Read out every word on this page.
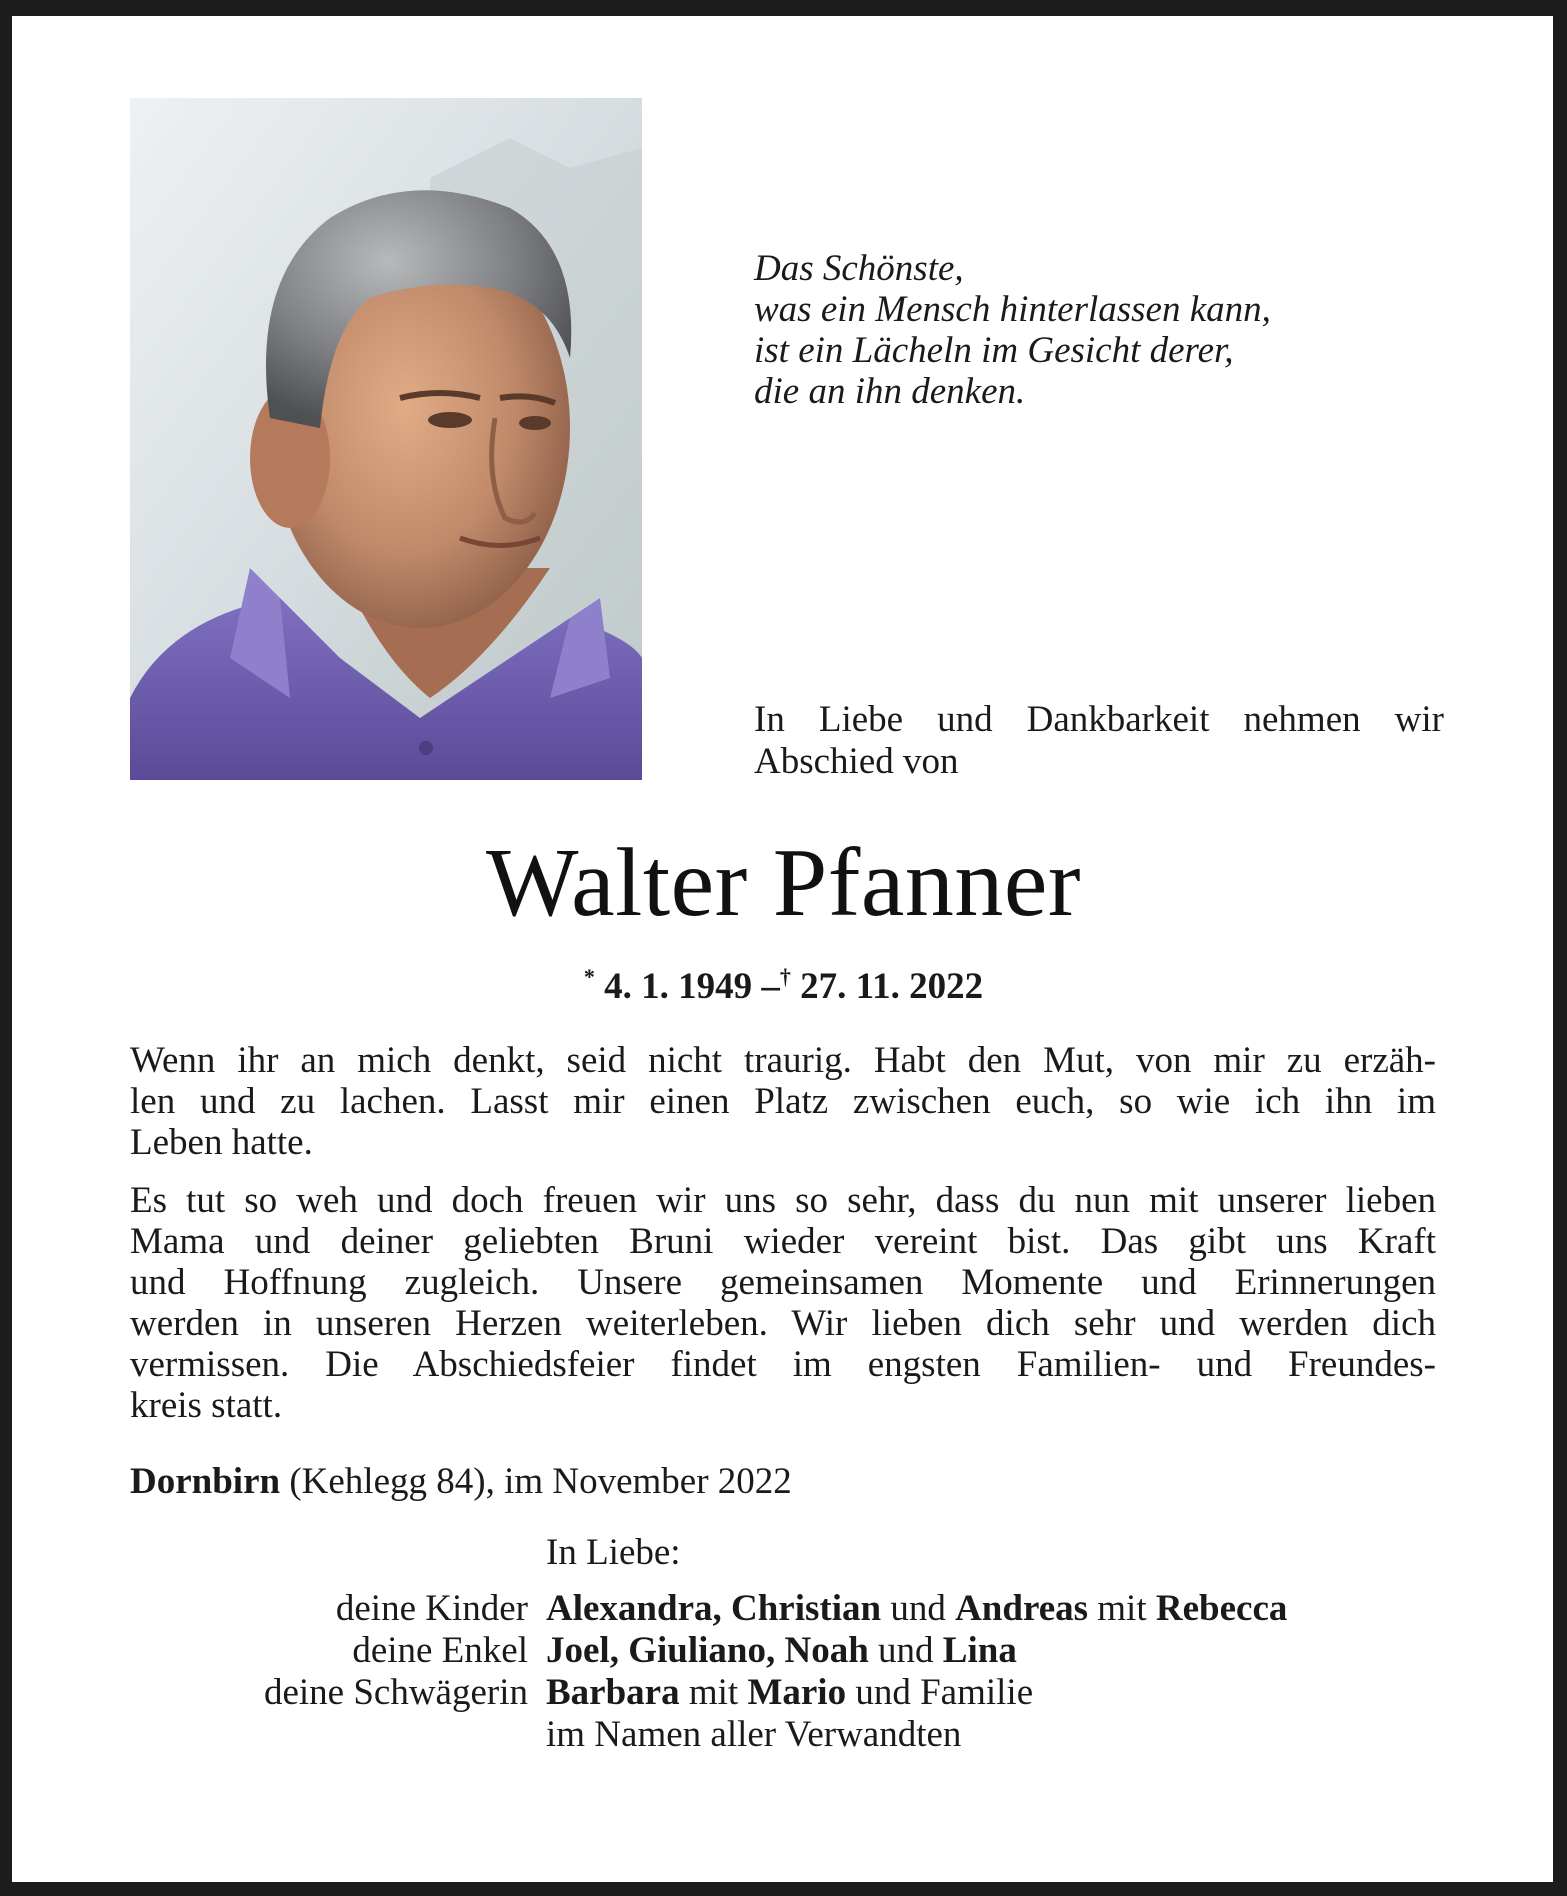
Das Schönste,
was ein Mensch hinterlassen kann,
ist ein Lächeln im Gesicht derer,
die an ihn denken.
In Liebe und Dankbarkeit nehmen wir
Abschied von
Walter Pfanner
* 4. 1. 1949 –† 27. 11. 2022
Wenn ihr an mich denkt, seid nicht traurig. Habt den Mut, von mir zu erzäh-
len und zu lachen. Lasst mir einen Platz zwischen euch, so wie ich ihn im
Leben hatte.
Es tut so weh und doch freuen wir uns so sehr, dass du nun mit unserer lieben
Mama und deiner geliebten Bruni wieder vereint bist. Das gibt uns Kraft
und Hoffnung zugleich. Unsere gemeinsamen Momente und Erinnerungen
werden in unseren Herzen weiterleben. Wir lieben dich sehr und werden dich
vermissen. Die Abschiedsfeier findet im engsten Familien- und Freundes-
kreis statt.
Dornbirn (Kehlegg 84), im November 2022
In Liebe:
deine Kinder Alexandra, Christian und Andreas mit Rebecca
deine Enkel Joel, Giuliano, Noah und Lina
deine Schwägerin Barbara mit Mario und Familie
im Namen aller Verwandten
